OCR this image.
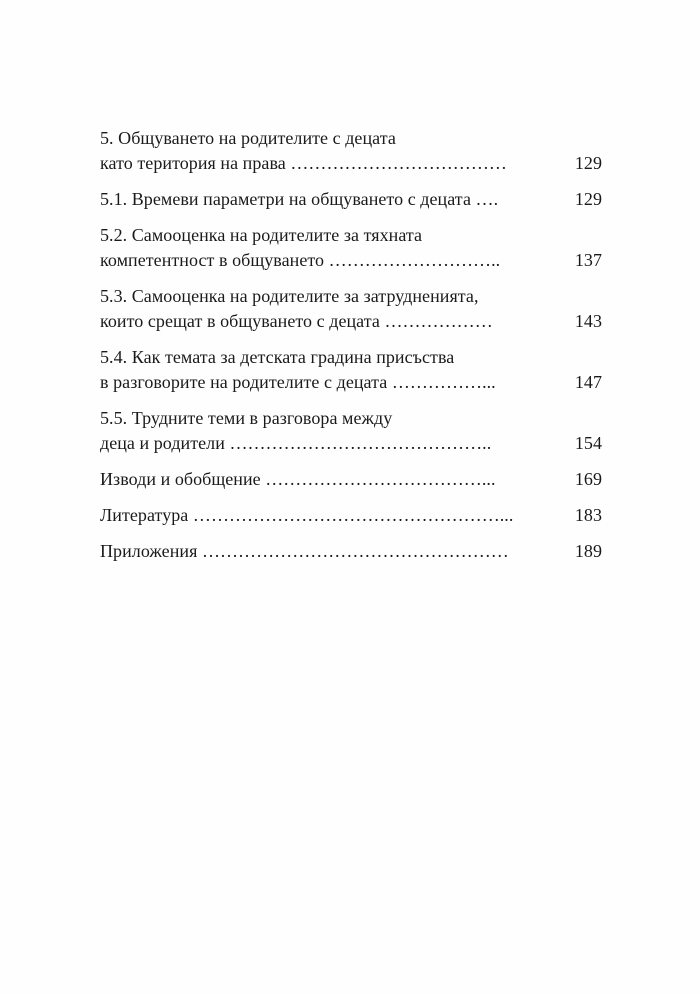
5. Общуването на родителите с децата
като територия на права ………………………………	129
5.1. Времеви параметри на общуването с децата ….	129
5.2. Самооценка на родителите за тяхната
компетентност в общуването ………………………..	137
5.3. Самооценка на родителите за затрудненията,
които срещат в общуването с децата ………………	143
5.4. Как темата за детската градина присъства
в разговорите на родителите с децата ……………...	147
5.5. Трудните теми в разговора между
деца и родители ……………………………………..	154
Изводи и обобщение ………………………………...	169
Литература ……………………………………………...	183
Приложения ……………………………………………	189
